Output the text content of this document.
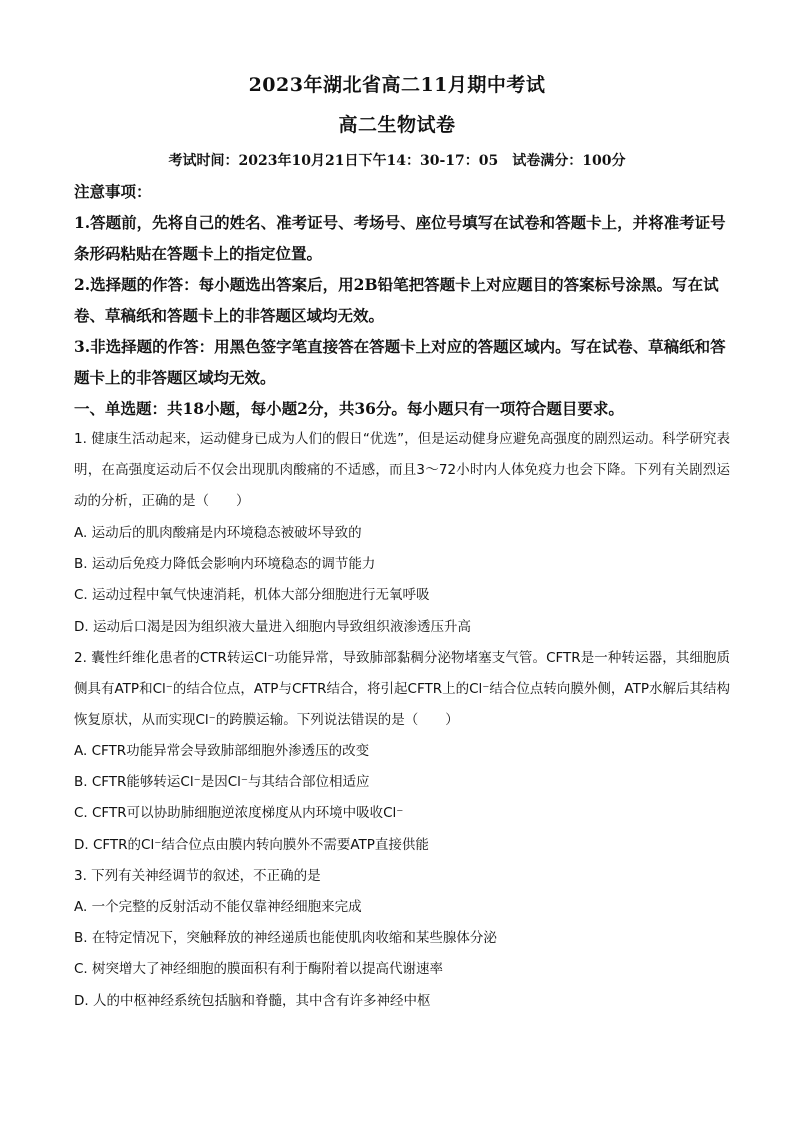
2023年湖北省高二11月期中考试
高二生物试卷
考试时间：2023年10月21日下午14：30-17：05　试卷满分：100分
注意事项：
1.答题前，先将自己的姓名、准考证号、考场号、座位号填写在试卷和答题卡上，并将准考证号条形码粘贴在答题卡上的指定位置。
2.选择题的作答：每小题选出答案后，用2B铅笔把答题卡上对应题目的答案标号涂黑。写在试卷、草稿纸和答题卡上的非答题区域均无效。
3.非选择题的作答：用黑色签字笔直接答在答题卡上对应的答题区域内。写在试卷、草稿纸和答题卡上的非答题区域均无效。
一、单选题：共18小题，每小题2分，共36分。每小题只有一项符合题目要求。
1. 健康生活动起来，运动健身已成为人们的假日“优选”，但是运动健身应避免高强度的剧烈运动。科学研究表明，在高强度运动后不仅会出现肌肉酸痛的不适感，而且3～72小时内人体免疫力也会下降。下列有关剧烈运动的分析，正确的是（　　）
A. 运动后的肌肉酸痛是内环境稳态被破坏导致的
B. 运动后免疫力降低会影响内环境稳态的调节能力
C. 运动过程中氧气快速消耗，机体大部分细胞进行无氧呼吸
D. 运动后口渴是因为组织液大量进入细胞内导致组织液渗透压升高
2. 囊性纤维化患者的CTR转运Cl⁻功能异常，导致肺部黏稠分泌物堵塞支气管。CFTR是一种转运器，其细胞质侧具有ATP和Cl⁻的结合位点，ATP与CFTR结合，将引起CFTR上的Cl⁻结合位点转向膜外侧，ATP水解后其结构恢复原状，从而实现Cl⁻的跨膜运输。下列说法错误的是（　　）
A. CFTR功能异常会导致肺部细胞外渗透压的改变
B. CFTR能够转运Cl⁻是因Cl⁻与其结合部位相适应
C. CFTR可以协助肺细胞逆浓度梯度从内环境中吸收Cl⁻
D. CFTR的Cl⁻结合位点由膜内转向膜外不需要ATP直接供能
3. 下列有关神经调节的叙述，不正确的是
A. 一个完整的反射活动不能仅靠神经细胞来完成
B. 在特定情况下，突触释放的神经递质也能使肌肉收缩和某些腺体分泌
C. 树突增大了神经细胞的膜面积有利于酶附着以提高代谢速率
D. 人的中枢神经系统包括脑和脊髓，其中含有许多神经中枢
